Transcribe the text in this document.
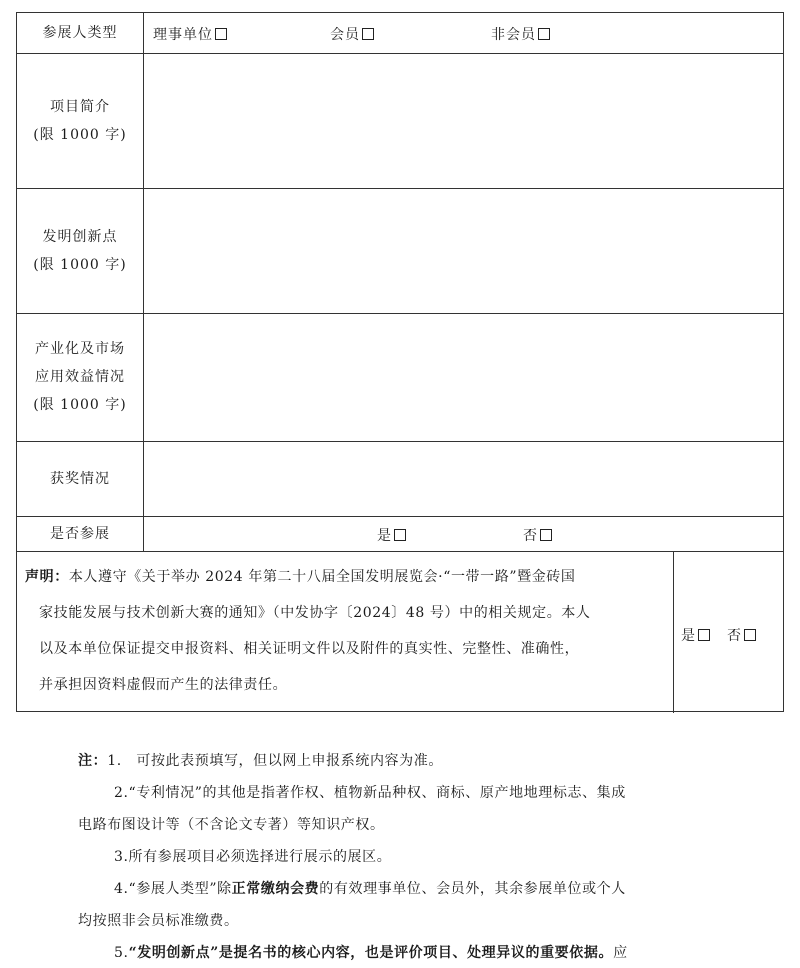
参展人类型	理事单位	会员	非会员
项目简介
(限 1000 字)
发明创新点
(限 1000 字)
产业化及市场
应用效益情况
(限 1000 字)
获奖情况
是否参展	是	否
声明：本人遵守《关于举办 2024 年第二十八届全国发明展览会·“一带一路”暨金砖国
家技能发展与技术创新大赛的通知》（中发协字〔2024〕48 号）中的相关规定。本人
以及本单位保证提交申报资料、相关证明文件以及附件的真实性、完整性、准确性，
并承担因资料虚假而产生的法律责任。
是	否
注：1.　可按此表预填写，但以网上申报系统内容为准。
2.“专利情况”的其他是指著作权、植物新品种权、商标、原产地地理标志、集成
电路布图设计等（不含论文专著）等知识产权。
3.所有参展项目必须选择进行展示的展区。
4.“参展人类型”除正常缴纳会费的有效理事单位、会员外，其余参展单位或个人
均按照非会员标准缴费。
5.“发明创新点”是提名书的核心内容，也是评价项目、处理异议的重要依据。应
